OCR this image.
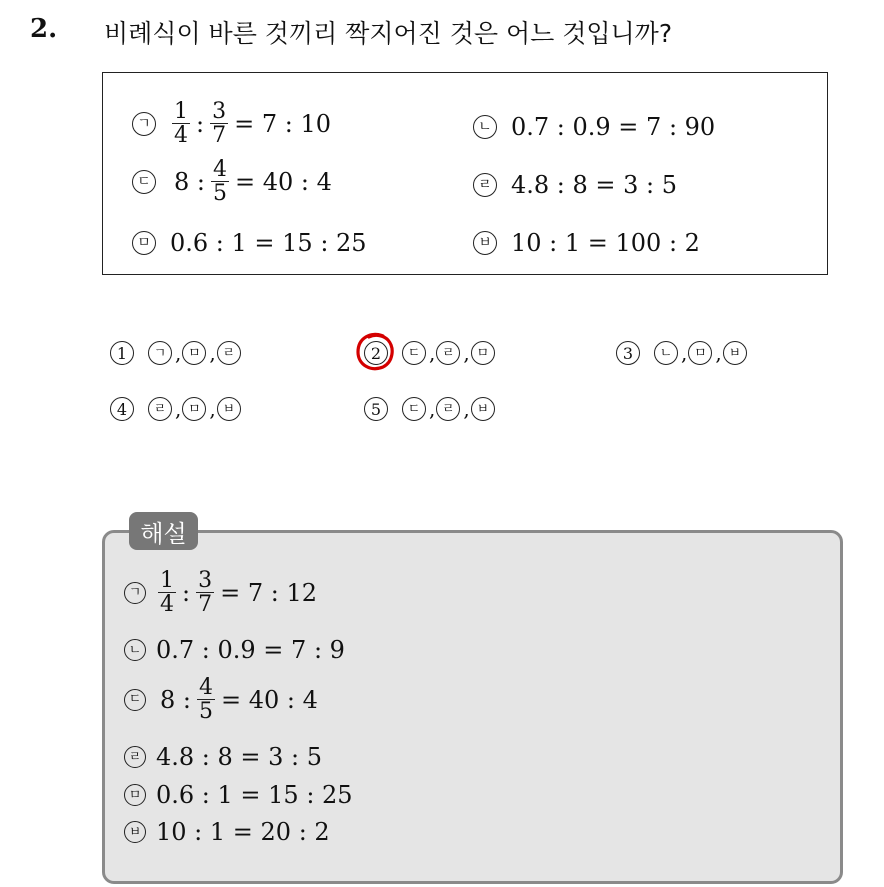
2. 비례식이 바른 것끼리 짝지어진 것은 어느 것입니까?
ㄱ $\frac{1}{4}$ : $\frac{3}{7} = 7$ : 10	ㄴ 0.7 : 0.9 = 7 : 90
ㄷ 8 : $\frac{4}{5} = 40$ : 4	ㄹ 4.8 : 8 = 3 : 5
ㅁ 0.6 : 1 = 15 : 25	ㅂ 10 : 1 = 100 : 2
1	ㄱ , ㅁ , ㄹ	2	ㄷ , ㄹ , ㅁ	3	ㄴ , ㅁ , ㅂ
4	ㄹ , ㅁ , ㅂ	5	ㄷ , ㄹ , ㅂ
해설
ㄱ $\frac{1}{4}$ : $\frac{3}{7} = 7$ : 12
ㄴ 0.7 : 0.9 = 7 : 9
ㄷ 8 : $\frac{4}{5} = 40$ : 4
ㄹ 4.8 : 8 = 3 : 5
ㅁ 0.6 : 1 = 15 : 25
ㅂ 10 : 1 = 20 : 2
